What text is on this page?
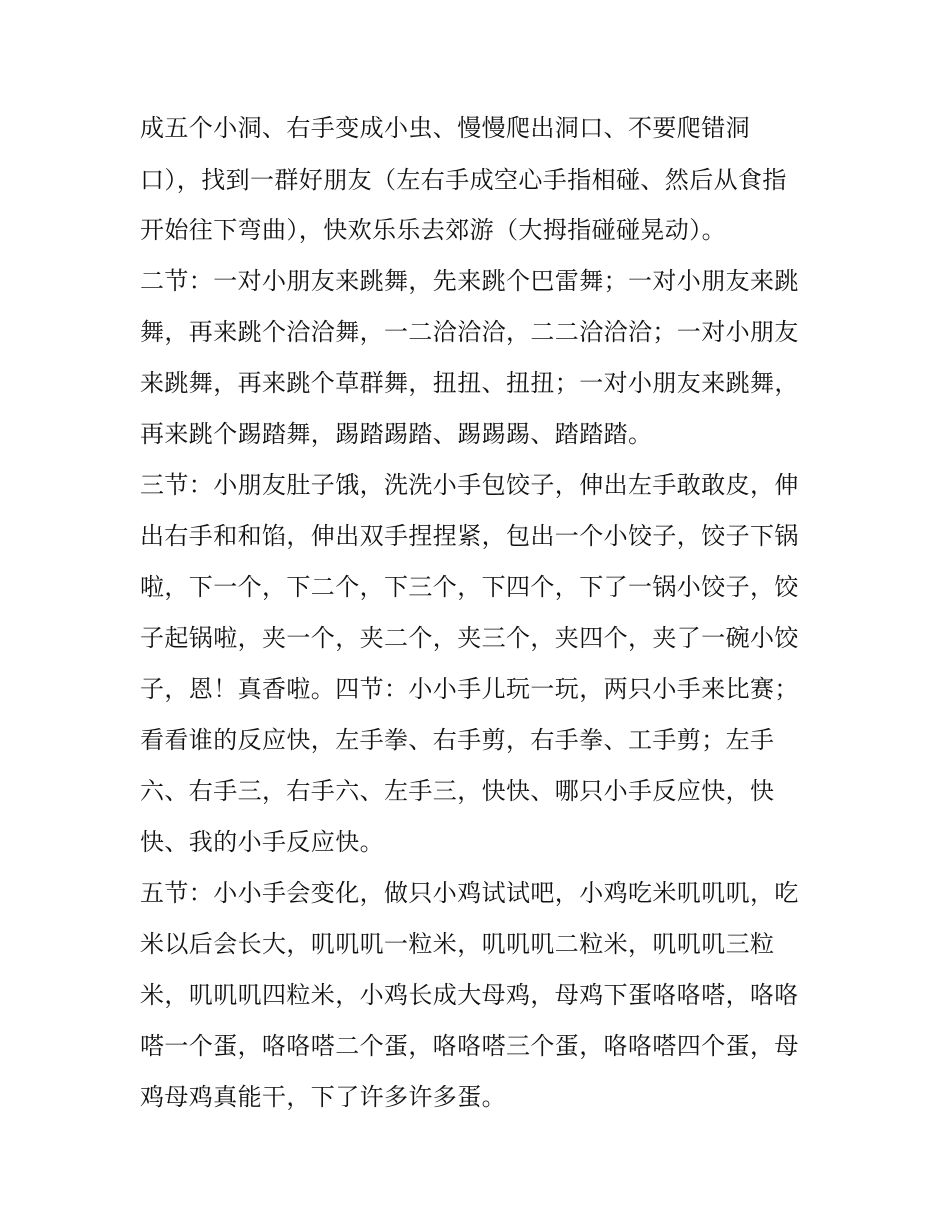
成五个小洞、右手变成小虫、慢慢爬出洞口、不要爬错洞
口），找到一群好朋友（左右手成空心手指相碰、然后从食指
开始往下弯曲），快欢乐乐去郊游（大拇指碰碰晃动）。
二节：一对小朋友来跳舞，先来跳个巴雷舞；一对小朋友来跳
舞，再来跳个洽洽舞，一二洽洽洽，二二洽洽洽；一对小朋友
来跳舞，再来跳个草群舞，扭扭、扭扭；一对小朋友来跳舞，
再来跳个踢踏舞，踢踏踢踏、踢踢踢、踏踏踏。
三节：小朋友肚子饿，洗洗小手包饺子，伸出左手敢敢皮，伸
出右手和和馅，伸出双手捏捏紧，包出一个小饺子，饺子下锅
啦，下一个，下二个，下三个，下四个，下了一锅小饺子，饺
子起锅啦，夹一个，夹二个，夹三个，夹四个，夹了一碗小饺
子，恩！真香啦。四节：小小手儿玩一玩，两只小手来比赛；
看看谁的反应快，左手拳、右手剪，右手拳、工手剪；左手
六、右手三，右手六、左手三，快快、哪只小手反应快，快
快、我的小手反应快。
五节：小小手会变化，做只小鸡试试吧，小鸡吃米叽叽叽，吃
米以后会长大，叽叽叽一粒米，叽叽叽二粒米，叽叽叽三粒
米，叽叽叽四粒米，小鸡长成大母鸡，母鸡下蛋咯咯嗒，咯咯
嗒一个蛋，咯咯嗒二个蛋，咯咯嗒三个蛋，咯咯嗒四个蛋，母
鸡母鸡真能干，下了许多许多蛋。
